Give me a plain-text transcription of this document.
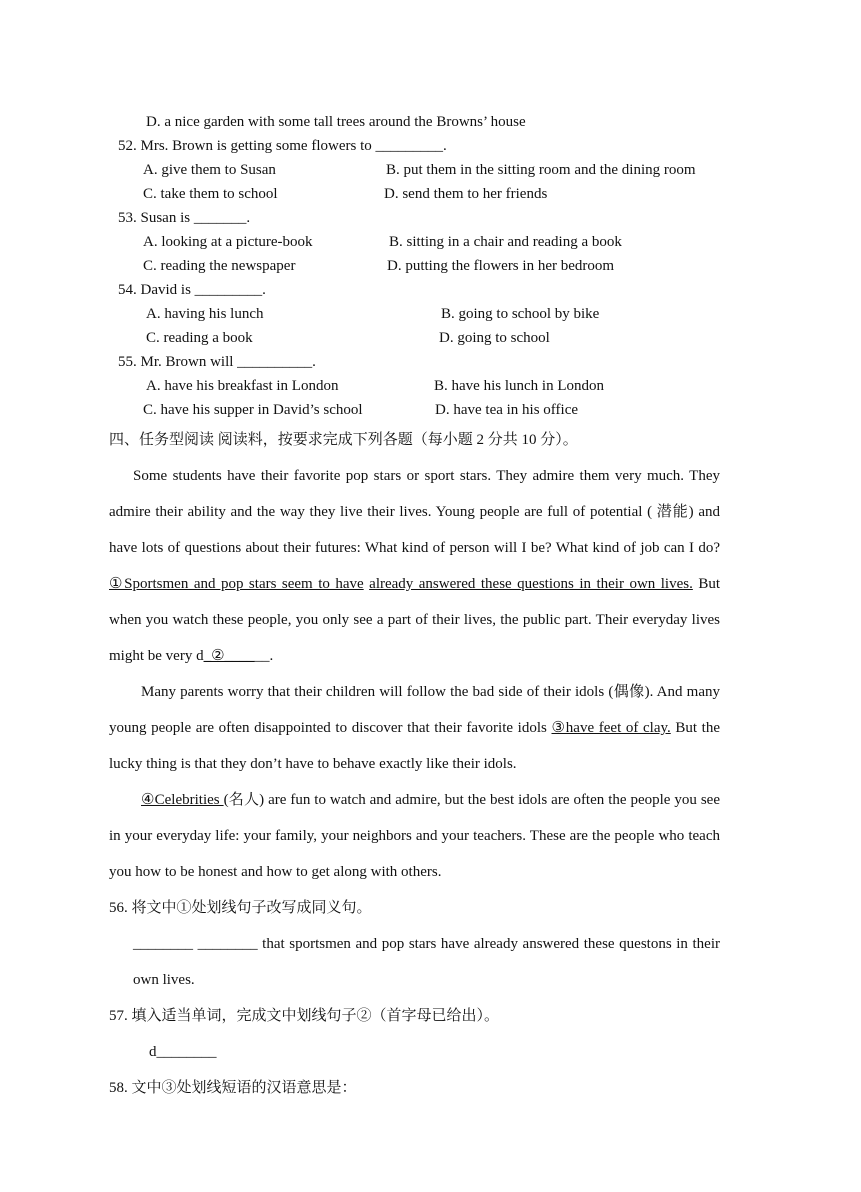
D. a nice garden with some tall trees around the Browns’ house
52. Mrs. Brown is getting some flowers to _________.
A. give them to Susan	B. put them in the sitting room and the dining room
C. take them to school	D. send them to her friends
53. Susan is _______.
A. looking at a picture-book	B. sitting in a chair and reading a book
C. reading the newspaper	D. putting the flowers in her bedroom
54. David is _________.
A. having his lunch	B. going to school by bike
C. reading a book	D. going to school
55. Mr. Brown will __________.
A. have his breakfast in London	B. have his lunch in London
C. have his supper in David’s school	D. have tea in his office
四、任务型阅读 阅读料，按要求完成下列各题（每小题 2 分共 10 分）。
Some students have their favorite pop stars or sport stars. They admire them very much. They admire their ability and the way they live their lives. Young people are full of potential ( 潜能) and have lots of questions about their futures: What kind of person will I be? What kind of job can I do? ①Sportsmen and pop stars seem to have already answered these questions in their own lives. But when you watch these people, you only see a part of their lives, the public part. Their everyday lives might be very d_②______.
Many parents worry that their children will follow the bad side of their idols (偶像). And many young people are often disappointed to discover that their favorite idols ③have feet of clay. But the lucky thing is that they don’t have to behave exactly like their idols.
④Celebrities (名人) are fun to watch and admire, but the best idols are often the people you see in your everyday life: your family, your neighbors and your teachers. These are the people who teach you how to be honest and how to get along with others.
56. 将文中①处划线句子改写成同义句。
________ ________ that sportsmen and pop stars have already answered these questons in their own lives.
57. 填入适当单词，完成文中划线句子②（首字母已给出）。
d________
58. 文中③处划线短语的汉语意思是：
